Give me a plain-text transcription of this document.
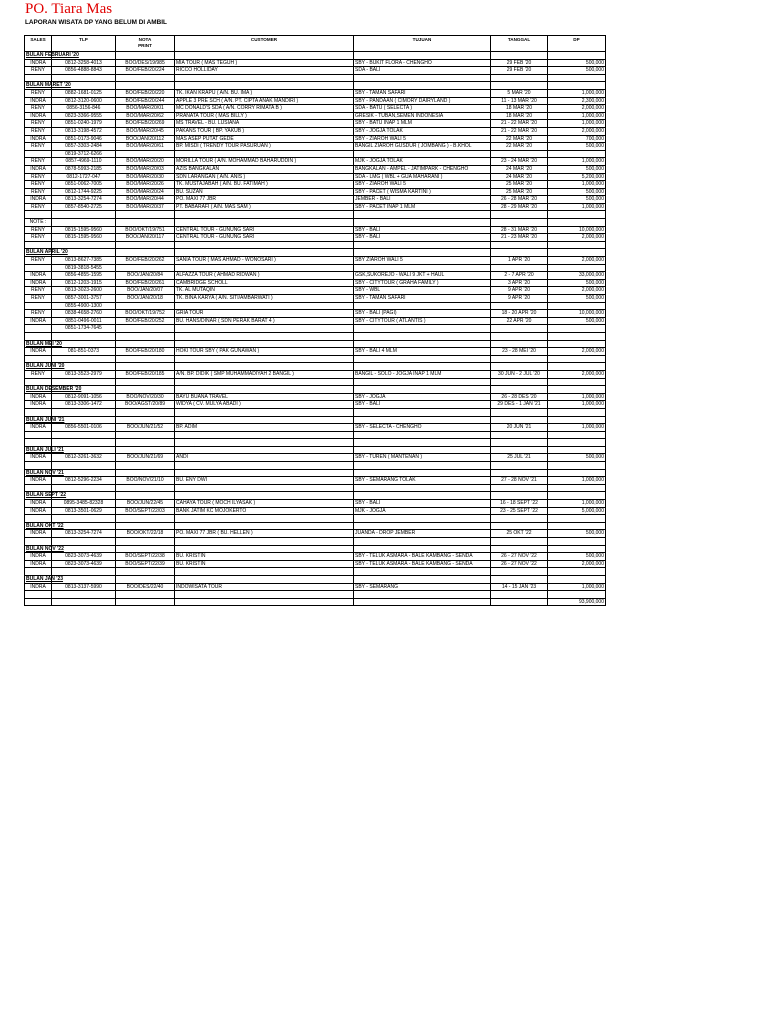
PO. Tiara Mas
LAPORAN WISATA DP YANG BELUM DI AMBIL
SALES	TLP	NOTA
PRINT	CUSTOMER	TUJUAN	TANGGAL	DP
BULAN FEBRUARI '20						
INDRA	0812-3258-4013	BOO/DES/19/985	MIA TOUR ( MAS TEGUH )	SBY - BUKIT FLORA - CHENGHO	29 FEB '20	500,000
RENY	0856-4888-8843	BOO/FEB/20/224	RICCO HOLLIDAY	SDA - BALI	29 FEB '20	500,000

BULAN MARET '20						
RENY	0882-1681-0125	BOO/FEB/20/220	TK. IKAN KRAPU ( A/N. BU. IMA )	SBY - TAMAN SAFARI	5 MAR '20	1,000,000
INDRA	0812-3120-0600	BOO/FEB/20/244	APPLE 3 PRE SCH ( A/N. PT. CIPTA ANAK MANDIRI )	SBY - PANDAAN ( CIMORY DAIRYLAND )	11 - 13 MAR '20	2,300,000
RENY	0856-3156-846	BOO/MAR/20/01	MC DONALD'S SDA ( A/N. CORRY RIMATA B )	SDA - BATU ( SELECTA )	18 MAR '20	2,000,000
INDRA	0823-3366-9555	BOO/MAR/20/62	PRANATA TOUR ( MAS BILLY )	GRESIK - TUBAN,SEMEN INDONESIA	18 MAR '20	1,000,000
RENY	0851-0240-1979	BOO/FEB/20/269	MS TRAVEL - BU. LUSIANA	SBY - BATU INAP 1 MLM	21 - 22 MAR '20	1,000,000
RENY	0813-3198-4572	BOO/MAR/20/45	PAKANS TOUR ( BP. YAKUB )	SBY - JOGJA TOLAK	21 - 22 MAR '20	2,000,000
INDRA	0851-0173-9046	BOO/JAN/20/112	MAS ASEP PUTAT GEDE	SBY - ZIAROH WALI 5	22 MAR '20	700,000
RENY	0857-3303-2484	BOO/MAR/20/61	BP. MISDI ( TRENDY TOUR PASURUAN )	BANGIL ZIAROH GUSDUR ( JOMBANG ) - B.KHOL	22 MAR '20	500,000
	0819-3712-6266					
RENY	0857-4969-1110	BOO/MAR/20/20	MORILLA TOUR ( A/N. MOHAMMAD BAHARUDDIN )	MJK - JOGJA TOLAK	23 - 24 MAR '20	1,000,000
INDRA	0878-5993-2185	BOO/MAR/20/03	AZIS BANGKALAN	BANGKALAN - AMPEL - JATIMPARK - CHENGHO	24 MAR '20	500,000
RENY	0812-1727-047	BOO/MAR/20/30	SDN LARANGAN ( A/N. ANIS )	SDA - LMG ( WBL + GUA MAHARANI )	24 MAR '20	5,200,000
RENY	0851-0062-7005	BOO/MAR/20/26	TK. MUSTAJABAH ( A/N. BU. FATIMAH )	SBY - ZIAROH WALI 5	25 MAR '20	1,000,000
RENY	0812-1744-9225	BOO/MAR/20/24	BU. SUZAN	SBY - PACET ( WISMA KARTINI )	25 MAR '20	500,000
INDRA	0813-3254-7274	BOO/MAR/20/44	PO. MAXI 77 JBR	JEMBER - BALI	26 - 28 MAR '20	500,000
RENY	0857-8540-2725	BOO/MAR/20/37	PT. BABARAFI ( A/N. MAS SAM )	SBY - PACET INAP 1 MLM	28 - 29 MAR '20	1,000,000

NOTE :						
RENY	0815-1595-9560	BOO/OKT/19/751	CENTRAL TOUR - GUNUNG SARI	SBY - BALI	28 - 31 MAR '20	10,000,000
RENY	0815-1595-9560	BOO/JAN/20/117	CENTRAL TOUR - GUNUNG SARI	SBY - BALI	21 - 23 MAR '20	2,000,000

BULAN APRIL '20						
RENY	0813-8627-7385	BOO/FEB/20/262	SANIA TOUR ( MAS AHMAD - WONOSARI )	SBY ZIAROH WALI 5	1 APR '20	2,000,000
	0819-3818-5455					
INDRA	0856-4855-1595	BOO/JAN/20/84	ALFAZZA TOUR ( AHMAD RIDWAN )	GSK,SUKOREJO - WALI 9 JKT + HAUL	2 - 7 APR '20	33,000,000
INDRA	0812-1203-1915	BOO/FEB/20/261	CAMBRIDGE SCHOLL	SBY - CITYTOUR ( GRAHA FAMILY )	3 APR '20	500,000
RENY	0813-3023-2600	BOO/JAN/20/07	TK. AL MUTAQIN	SBY - WBL	9 APR '20	2,000,000
RENY	0857-3001-3757	BOO/JAN/20/18	TK. BINA KARYA ( A/N. SITI/AMBARWATI )	SBY - TAMAN SAFARI	9 APR '20	500,000
	0855-4900-1300					
RENY	0838-4658-2760	BOO/OKT/19/752	GRIA TOUR	SBY - BALI (PAGI)	18 - 20 APR '20	10,000,000
INDRA	0851-0496-0011	BOO/FEB/20/252	BU. HANS/DINAR ( SDN PERAK BARAT 4 )	SBY - CITYTOUR ( ATLANTIS )	22 APR '20	500,000
	0851-1734-7645					

BULAN MEI '20						
INDRA	081-851-0373	BOO/FEB/20/180	HOKI TOUR SBY ( PAK GUNAWAN )	SBY - BALI 4 MLM	23 - 28 MEI '20	2,000,000

BULAN JUNI '20						
RENY	0813-3523-2979	BOO/FEB/20/185	A/N. BP. DIDIK ( SMP MUHAMMADIYAH 2 BANGIL )	BANGIL - SOLO - JOGJA INAP 1 MLM	30 JUN - 2 JUL '20	2,000,000

BULAN DESEMBER '20						
INDRA	0812-9091-1056	BOO/NOV/20/30	BAYU BUANA TRAVEL	SBY - JOGJA	26 - 28 DES '20	1,000,000
INDRA	0813-3306-1472	BOO/AGST/20/89	WIDYA ( CV. MULYA ABADI )	SBY - BALI	29 DES - 1 JAN '21	1,000,000

BULAN JUNI '21						
INDRA	0856-5501-0106	BOO/JUN/21/52	BP. ADIM	SBY - SELECTA - CHENGHO	20 JUN '21	1,000,000

BULAN JULI '21						
INDRA	0812-3261-3632	BOO/JUN/21/69	ANDI	SBY - TUREN ( MANTENAN )	25 JUL '21	500,000

BULAN NOV '21						
INDRA	0812-5296-2234	BOO/NOV/21/10	BU. ENY DWI	SBY - SEMARANG TOLAK	27 - 28 NOV '21	1,000,000

BULAN SEPT '22						
INDRA	0895-3485-82328	BOO/JUN/22/45	CAHAYA TOUR ( MOCH ILYASAK )	SBY - BALI	16 - 18 SEPT '22	1,000,000
INDRA	0813-3501-0629	BOO/SEPT/22/03	BANK JATIM KC MOJOKERTO	MJK - JOGJA	23 - 25 SEPT '22	5,000,000

BULAN OKT '22						
INDRA	0813-3254-7274	BOO/OKT/22/18	PO. MAXI 77 JBR ( BU. HELLEN )	JUANDA - DROP JEMBER	25 OKT '22	500,000

BULAN NOV '22						
INDRA	0823-3073-4639	BOO/SEPT/22/38	BU. KRISTIN	SBY - TELUK ASMARA - BALE KAMBANG - SENDA	26 - 27 NOV '22	500,000
INDRA	0823-3073-4639	BOO/SEPT/22/39	BU. KRISTIN	SBY - TELUK ASMARA - BALE KAMBANG - SENDA	26 - 27 NOV '22	2,000,000

BULAN JAN '23						
INDRA	0813-3137-5990	BOO/DES/22/40	INDOWISATA TOUR	SBY - SEMARANG	14 - 15 JAN '23	1,000,000

						93,900,000
